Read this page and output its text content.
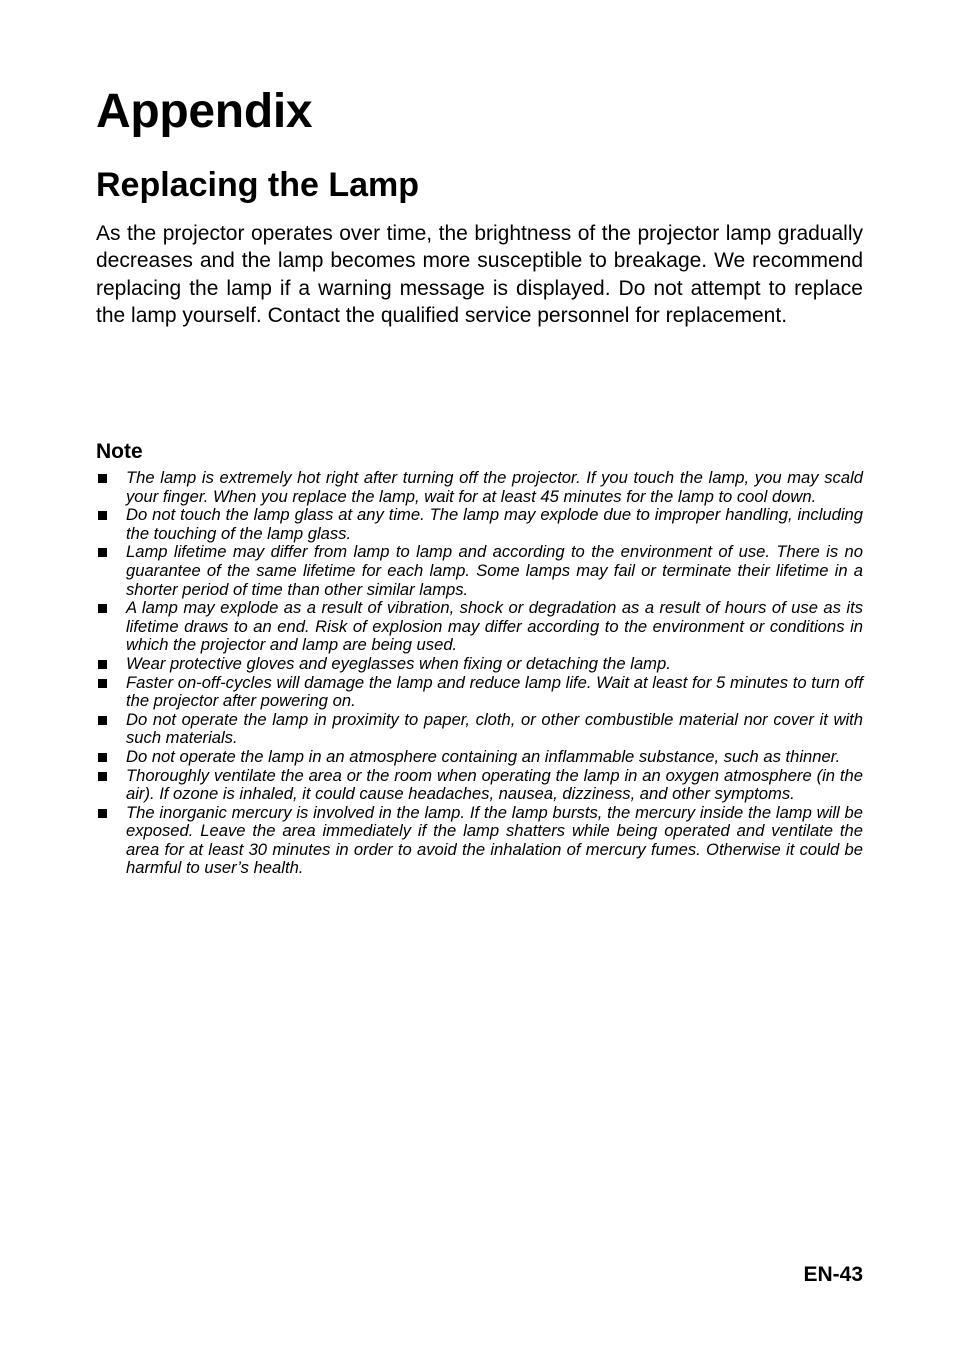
Appendix
Replacing the Lamp

As the projector operates over time, the brightness of the projector lamp gradually decreases and the lamp becomes more susceptible to breakage. We recommend replacing the lamp if a warning message is displayed. Do not attempt to replace the lamp yourself. Contact the qualified service personnel for replacement.

Note
The lamp is extremely hot right after turning off the projector. If you touch the lamp, you may scald your finger. When you replace the lamp, wait for at least 45 minutes for the lamp to cool down.
Do not touch the lamp glass at any time. The lamp may explode due to improper handling, including the touching of the lamp glass.
Lamp lifetime may differ from lamp to lamp and according to the environment of use. There is no guarantee of the same lifetime for each lamp. Some lamps may fail or terminate their lifetime in a shorter period of time than other similar lamps.
A lamp may explode as a result of vibration, shock or degradation as a result of hours of use as its lifetime draws to an end. Risk of explosion may differ according to the environment or conditions in which the projector and lamp are being used.
Wear protective gloves and eyeglasses when fixing or detaching the lamp.
Faster on-off-cycles will damage the lamp and reduce lamp life. Wait at least for 5 minutes to turn off the projector after powering on.
Do not operate the lamp in proximity to paper, cloth, or other combustible material nor cover it with such materials.
Do not operate the lamp in an atmosphere containing an inflammable substance, such as thinner.
Thoroughly ventilate the area or the room when operating the lamp in an oxygen atmosphere (in the air). If ozone is inhaled, it could cause headaches, nausea, dizziness, and other symptoms.
The inorganic mercury is involved in the lamp. If the lamp bursts, the mercury inside the lamp will be exposed. Leave the area immediately if the lamp shatters while being operated and ventilate the area for at least 30 minutes in order to avoid the inhalation of mercury fumes. Otherwise it could be harmful to user’s health.
EN-43
